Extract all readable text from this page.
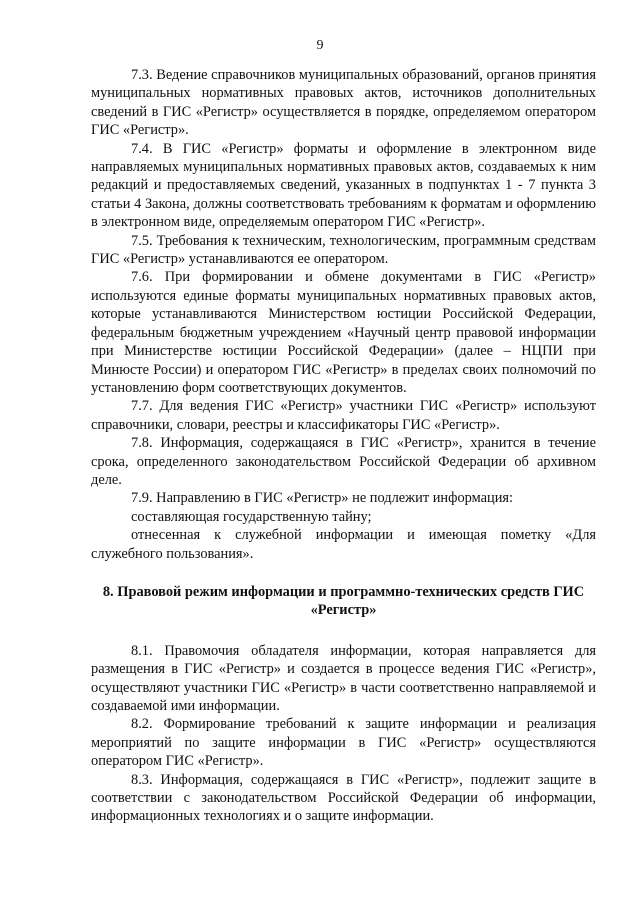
9

7.3. Ведение справочников муниципальных образований, органов принятия муниципальных нормативных правовых актов, источников дополнительных сведений в ГИС «Регистр» осуществляется в порядке, определяемом оператором ГИС «Регистр».

7.4. В ГИС «Регистр» форматы и оформление в электронном виде направляемых муниципальных нормативных правовых актов, создаваемых к ним редакций и предоставляемых сведений, указанных в подпунктах 1 - 7 пункта 3 статьи 4 Закона, должны соответствовать требованиям к форматам и оформлению в электронном виде, определяемым оператором ГИС «Регистр».

7.5. Требования к техническим, технологическим, программным средствам ГИС «Регистр» устанавливаются ее оператором.

7.6. При формировании и обмене документами в ГИС «Регистр» используются единые форматы муниципальных нормативных правовых актов, которые устанавливаются Министерством юстиции Российской Федерации, федеральным бюджетным учреждением «Научный центр правовой информации при Министерстве юстиции Российской Федерации» (далее – НЦПИ при Минюсте России) и оператором ГИС «Регистр» в пределах своих полномочий по установлению форм соответствующих документов.

7.7. Для ведения ГИС «Регистр» участники ГИС «Регистр» используют справочники, словари, реестры и классификаторы ГИС «Регистр».

7.8. Информация, содержащаяся в ГИС «Регистр», хранится в течение срока, определенного законодательством Российской Федерации об архивном деле.

7.9. Направлению в ГИС «Регистр» не подлежит информация:

составляющая государственную тайну;

отнесенная к служебной информации и имеющая пометку «Для служебного пользования».

8. Правовой режим информации и программно-технических средств ГИС «Регистр»

8.1. Правомочия обладателя информации, которая направляется для размещения в ГИС «Регистр» и создается в процессе ведения ГИС «Регистр», осуществляют участники ГИС «Регистр» в части соответственно направляемой и создаваемой ими информации.

8.2. Формирование требований к защите информации и реализация мероприятий по защите информации в ГИС «Регистр» осуществляются оператором ГИС «Регистр».

8.3. Информация, содержащаяся в ГИС «Регистр», подлежит защите в соответствии с законодательством Российской Федерации об информации, информационных технологиях и о защите информации.
